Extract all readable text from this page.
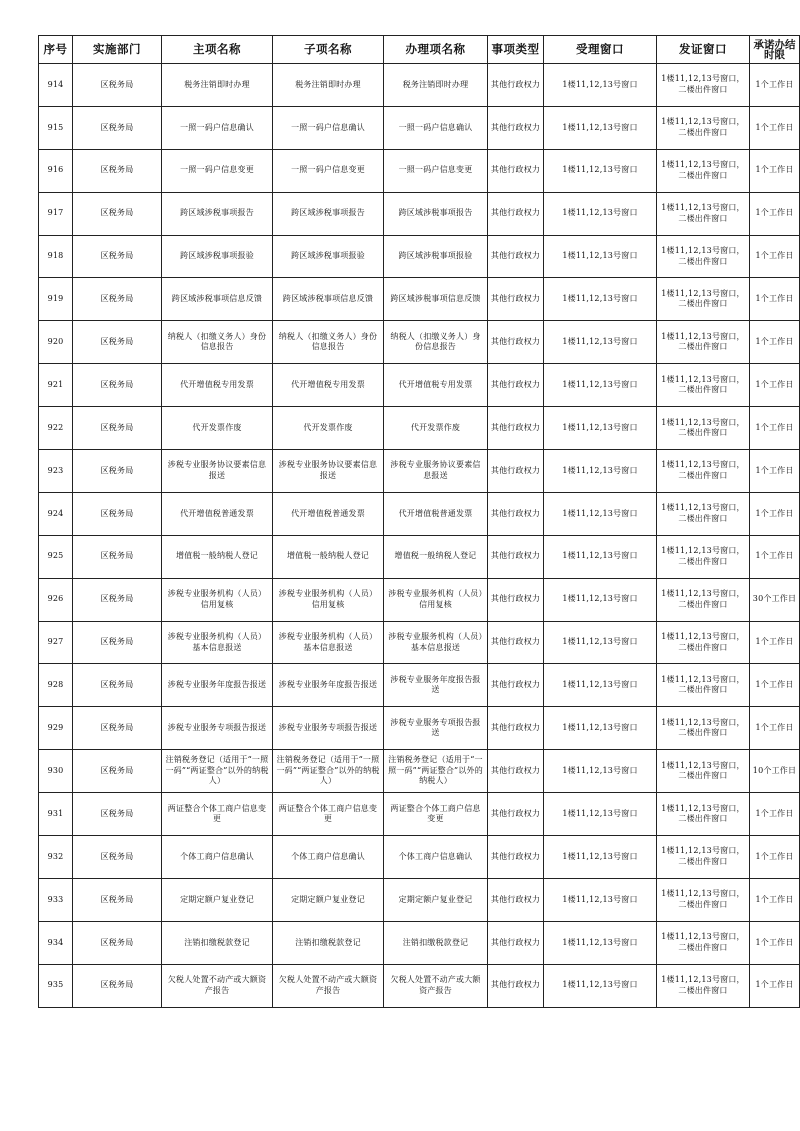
序号	实施部门	主项名称	子项名称	办理项名称	事项类型	受理窗口	发证窗口	承诺办结时限
914	区税务局	税务注销即时办理	税务注销即时办理	税务注销即时办理	其他行政权力	1楼11,12,13号窗口	1楼11,12,13号窗口，二楼出件窗口	1个工作日
915	区税务局	一照一码户信息确认	一照一码户信息确认	一照一码户信息确认	其他行政权力	1楼11,12,13号窗口	1楼11,12,13号窗口，二楼出件窗口	1个工作日
916	区税务局	一照一码户信息变更	一照一码户信息变更	一照一码户信息变更	其他行政权力	1楼11,12,13号窗口	1楼11,12,13号窗口，二楼出件窗口	1个工作日
917	区税务局	跨区域涉税事项报告	跨区域涉税事项报告	跨区域涉税事项报告	其他行政权力	1楼11,12,13号窗口	1楼11,12,13号窗口，二楼出件窗口	1个工作日
918	区税务局	跨区域涉税事项报验	跨区域涉税事项报验	跨区域涉税事项报验	其他行政权力	1楼11,12,13号窗口	1楼11,12,13号窗口，二楼出件窗口	1个工作日
919	区税务局	跨区域涉税事项信息反馈	跨区域涉税事项信息反馈	跨区域涉税事项信息反馈	其他行政权力	1楼11,12,13号窗口	1楼11,12,13号窗口，二楼出件窗口	1个工作日
920	区税务局	纳税人（扣缴义务人）身份信息报告	纳税人（扣缴义务人）身份信息报告	纳税人（扣缴义务人）身份信息报告	其他行政权力	1楼11,12,13号窗口	1楼11,12,13号窗口，二楼出件窗口	1个工作日
921	区税务局	代开增值税专用发票	代开增值税专用发票	代开增值税专用发票	其他行政权力	1楼11,12,13号窗口	1楼11,12,13号窗口，二楼出件窗口	1个工作日
922	区税务局	代开发票作废	代开发票作废	代开发票作废	其他行政权力	1楼11,12,13号窗口	1楼11,12,13号窗口，二楼出件窗口	1个工作日
923	区税务局	涉税专业服务协议要素信息报送	涉税专业服务协议要素信息报送	涉税专业服务协议要素信息报送	其他行政权力	1楼11,12,13号窗口	1楼11,12,13号窗口，二楼出件窗口	1个工作日
924	区税务局	代开增值税普通发票	代开增值税普通发票	代开增值税普通发票	其他行政权力	1楼11,12,13号窗口	1楼11,12,13号窗口，二楼出件窗口	1个工作日
925	区税务局	增值税一般纳税人登记	增值税一般纳税人登记	增值税一般纳税人登记	其他行政权力	1楼11,12,13号窗口	1楼11,12,13号窗口，二楼出件窗口	1个工作日
926	区税务局	涉税专业服务机构（人员）信用复核	涉税专业服务机构（人员）信用复核	涉税专业服务机构（人员）信用复核	其他行政权力	1楼11,12,13号窗口	1楼11,12,13号窗口，二楼出件窗口	30个工作日
927	区税务局	涉税专业服务机构（人员）基本信息报送	涉税专业服务机构（人员）基本信息报送	涉税专业服务机构（人员）基本信息报送	其他行政权力	1楼11,12,13号窗口	1楼11,12,13号窗口，二楼出件窗口	1个工作日
928	区税务局	涉税专业服务年度报告报送	涉税专业服务年度报告报送	涉税专业服务年度报告报送	其他行政权力	1楼11,12,13号窗口	1楼11,12,13号窗口，二楼出件窗口	1个工作日
929	区税务局	涉税专业服务专项报告报送	涉税专业服务专项报告报送	涉税专业服务专项报告报送	其他行政权力	1楼11,12,13号窗口	1楼11,12,13号窗口，二楼出件窗口	1个工作日
930	区税务局	注销税务登记（适用于“一照一码”“两证整合”以外的纳税人）	注销税务登记（适用于“一照一码”“两证整合”以外的纳税人）	注销税务登记（适用于“一照一码”“两证整合”以外的纳税人）	其他行政权力	1楼11,12,13号窗口	1楼11,12,13号窗口，二楼出件窗口	10个工作日
931	区税务局	两证整合个体工商户信息变更	两证整合个体工商户信息变更	两证整合个体工商户信息变更	其他行政权力	1楼11,12,13号窗口	1楼11,12,13号窗口，二楼出件窗口	1个工作日
932	区税务局	个体工商户信息确认	个体工商户信息确认	个体工商户信息确认	其他行政权力	1楼11,12,13号窗口	1楼11,12,13号窗口，二楼出件窗口	1个工作日
933	区税务局	定期定额户复业登记	定期定额户复业登记	定期定额户复业登记	其他行政权力	1楼11,12,13号窗口	1楼11,12,13号窗口，二楼出件窗口	1个工作日
934	区税务局	注销扣缴税款登记	注销扣缴税款登记	注销扣缴税款登记	其他行政权力	1楼11,12,13号窗口	1楼11,12,13号窗口，二楼出件窗口	1个工作日
935	区税务局	欠税人处置不动产或大额资产报告	欠税人处置不动产或大额资产报告	欠税人处置不动产或大额资产报告	其他行政权力	1楼11,12,13号窗口	1楼11,12,13号窗口，二楼出件窗口	1个工作日
